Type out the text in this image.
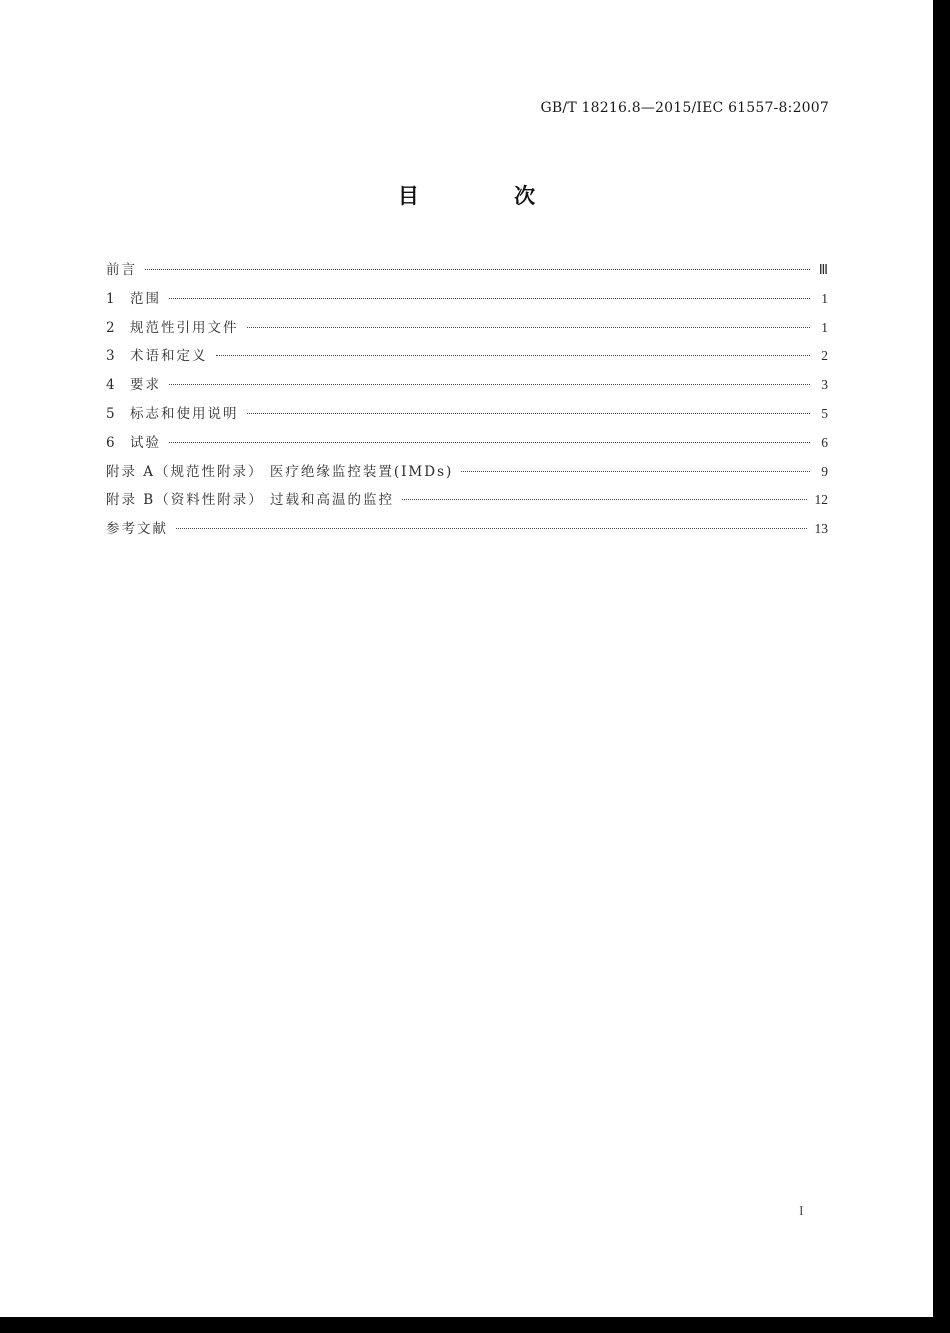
GB/T 18216.8—2015/IEC 61557-8:2007
目 次
前言	Ⅲ
1	范围	1
2	规范性引用文件	1
3	术语和定义	2
4	要求	3
5	标志和使用说明	5
6	试验	6
附录 A（规范性附录） 医疗绝缘监控装置(IMDs)	9
附录 B（资料性附录） 过载和高温的监控	12
参考文献	13
I
